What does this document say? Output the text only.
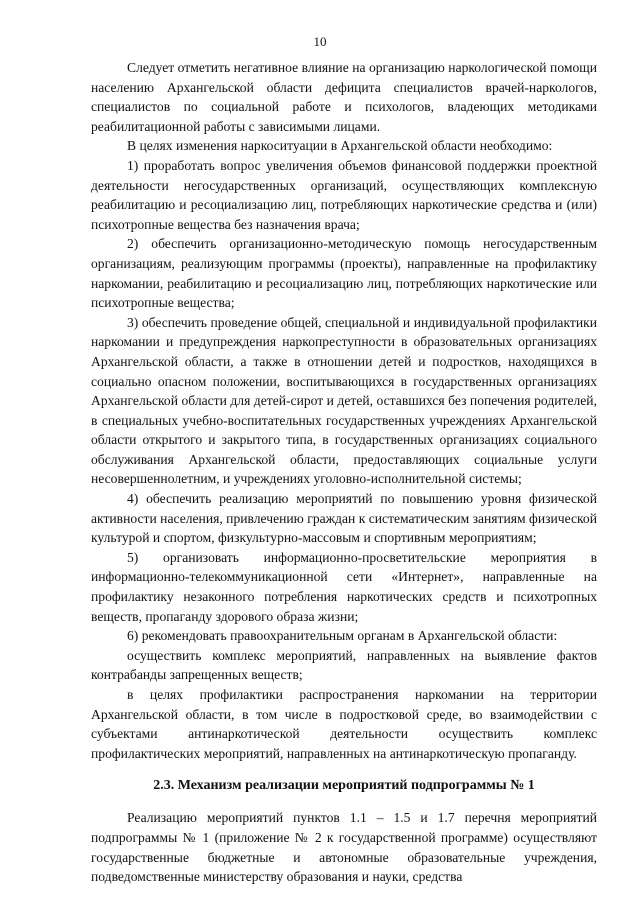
10

Следует отметить негативное влияние на организацию наркологической помощи населению Архангельской области дефицита специалистов врачей-наркологов, специалистов по социальной работе и психологов, владеющих методиками реабилитационной работы с зависимыми лицами.

В целях изменения наркоситуации в Архангельской области необходимо:

1) проработать вопрос увеличения объемов финансовой поддержки проектной деятельности негосударственных организаций, осуществляющих комплексную реабилитацию и ресоциализацию лиц, потребляющих наркотические средства и (или) психотропные вещества без назначения врача;

2) обеспечить организационно-методическую помощь негосударственным организациям, реализующим программы (проекты), направленные на профилактику наркомании, реабилитацию и ресоциализацию лиц, потребляющих наркотические или психотропные вещества;

3) обеспечить проведение общей, специальной и индивидуальной профилактики наркомании и предупреждения наркопреступности в образовательных организациях Архангельской области, а также в отношении детей и подростков, находящихся в социально опасном положении, воспитывающихся в государственных организациях Архангельской области для детей-сирот и детей, оставшихся без попечения родителей, в специальных учебно-воспитательных государственных учреждениях Архангельской области открытого и закрытого типа, в государственных организациях социального обслуживания Архангельской области, предоставляющих социальные услуги несовершеннолетним, и учреждениях уголовно-исполнительной системы;

4) обеспечить реализацию мероприятий по повышению уровня физической активности населения, привлечению граждан к систематическим занятиям физической культурой и спортом, физкультурно-массовым и спортивным мероприятиям;

5) организовать информационно-просветительские мероприятия в информационно-телекоммуникационной сети «Интернет», направленные на профилактику незаконного потребления наркотических средств и психотропных веществ, пропаганду здорового образа жизни;

6) рекомендовать правоохранительным органам в Архангельской области:

осуществить комплекс мероприятий, направленных на выявление фактов контрабанды запрещенных веществ;

в целях профилактики распространения наркомании на территории Архангельской области, в том числе в подростковой среде, во взаимодействии с субъектами антинаркотической деятельности осуществить комплекс профилактических мероприятий, направленных на антинаркотическую пропаганду.

2.3. Механизм реализации мероприятий подпрограммы № 1

Реализацию мероприятий пунктов 1.1 – 1.5 и 1.7 перечня мероприятий подпрограммы № 1 (приложение № 2 к государственной программе) осуществляют государственные бюджетные и автономные образовательные учреждения, подведомственные министерству образования и науки, средства
